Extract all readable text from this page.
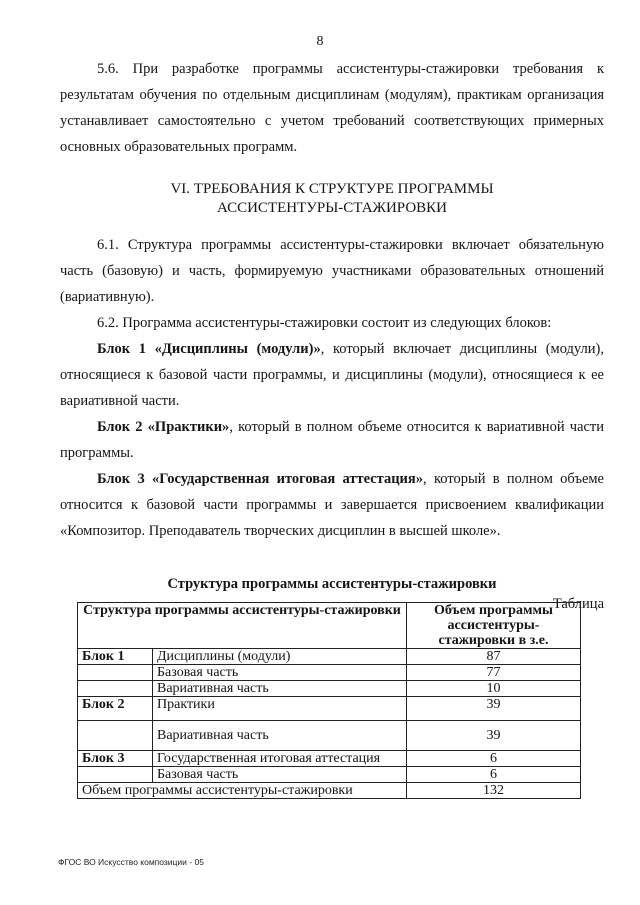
8

5.6. При разработке программы ассистентуры-стажировки требования к результатам обучения по отдельным дисциплинам (модулям), практикам организация устанавливает самостоятельно с учетом требований соответствующих примерных основных образовательных программ.

VI. ТРЕБОВАНИЯ К СТРУКТУРЕ ПРОГРАММЫ
АССИСТЕНТУРЫ-СТАЖИРОВКИ

6.1. Структура программы ассистентуры-стажировки включает обязательную часть (базовую) и часть, формируемую участниками образовательных отношений (вариативную).

6.2. Программа ассистентуры-стажировки состоит из следующих блоков:

Блок 1 «Дисциплины (модули)», который включает дисциплины (модули), относящиеся к базовой части программы, и дисциплины (модули), относящиеся к ее вариативной части.

Блок 2 «Практики», который в полном объеме относится к вариативной части программы.

Блок 3 «Государственная итоговая аттестация», который в полном объеме относится к базовой части программы и завершается присвоением квалификации «Композитор. Преподаватель творческих дисциплин в высшей школе».

Структура программы ассистентуры-стажировки
Таблица
Структура программы ассистентуры-стажировки		Объем программы ассистентуры-стажировки в з.е.
Блок 1	Дисциплины (модули)	87
	Базовая часть	77
	Вариативная часть	10
Блок 2	Практики	39
	Вариативная часть	39
Блок 3	Государственная итоговая аттестация	6
	Базовая часть	6
Объем программы ассистентуры-стажировки		132
ФГОС ВО Искусство композиции - 05
